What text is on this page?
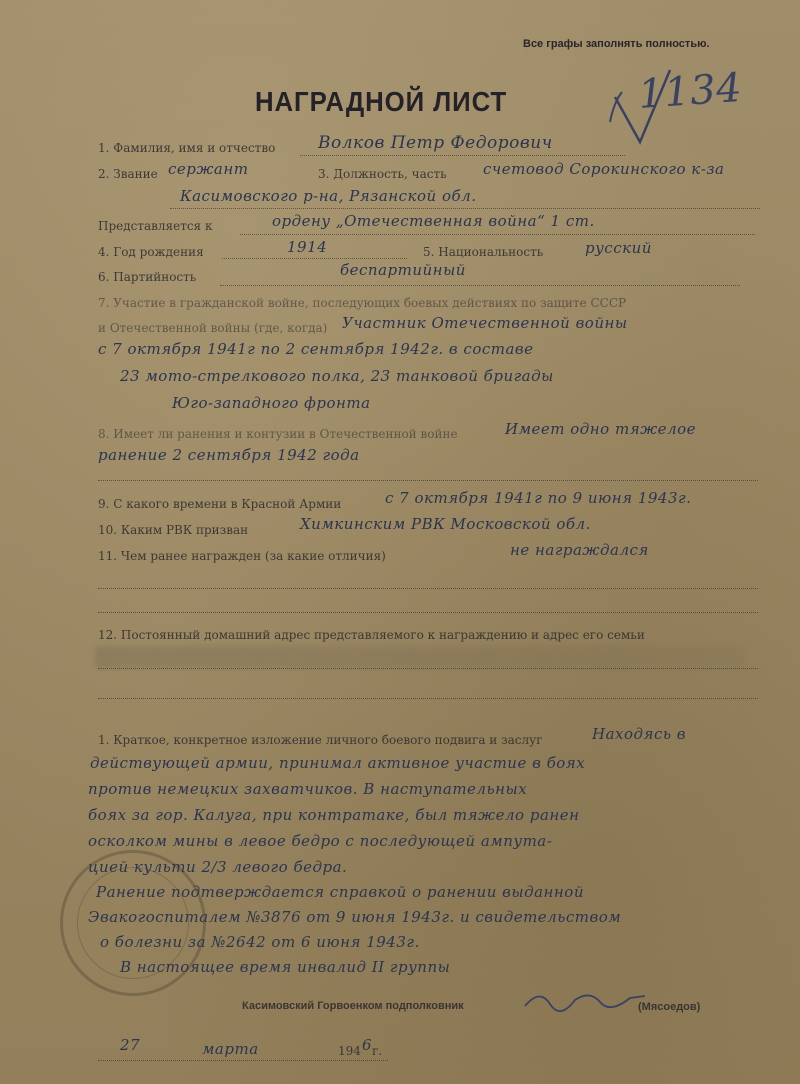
Все графы заполнять полностью.
НАГРАДНОЙ ЛИСТ	1134
1. Фамилия, имя и отчество	Волков Петр Федорович
2. Звание сержант	3. Должность, часть счетовод Сорокинского к-за
Касимовского р-на, Рязанской обл.
Представляется к	ордену „Отечественная война“ 1 ст.
4. Год рождения	1914	5. Национальность	русский
6. Партийность	беспартийный
7. Участие в гражданской войне, последующих боевых действиях по защите СССР
и Отечественной войны (где, когда) Участник Отечественной войны
с 7 октября 1941г по 2 сентября 1942г. в составе
23 мото-стрелкового полка, 23 танковой бригады
Юго-западного фронта
8. Имеет ли ранения и контузии в Отечественной войне	Имеет одно тяжелое
ранение 2 сентября 1942 года
9. С какого времени в Красной Армии	с 7 октября 1941г по 9 июня 1943г.
10. Каким РВК призван	Химкинским РВК Московской обл.
11. Чем ранее награжден (за какие отличия)	не награждался
12. Постоянный домашний адрес представляемого к награждению и адрес его семьи
1. Краткое, конкретное изложение личного боевого подвига и заслуг	Находясь в
действующей армии, принимал активное участие в боях
против немецких захватчиков. В наступательных
боях за гор. Калуга, при контратаке, был тяжело ранен
осколком мины в левое бедро с последующей ампута-
цией культи 2/3 левого бедра.
Ранение подтверждается справкой о ранении выданной
Эвакогоспиталем №3876 от 9 июня 1943г. и свидетельством
о болезни за №2642 от 6 июня 1943г.
В настоящее время инвалид II группы
Касимовский Горвоенком подполковник	(Мясоедов)
27	марта	194 6 г.
